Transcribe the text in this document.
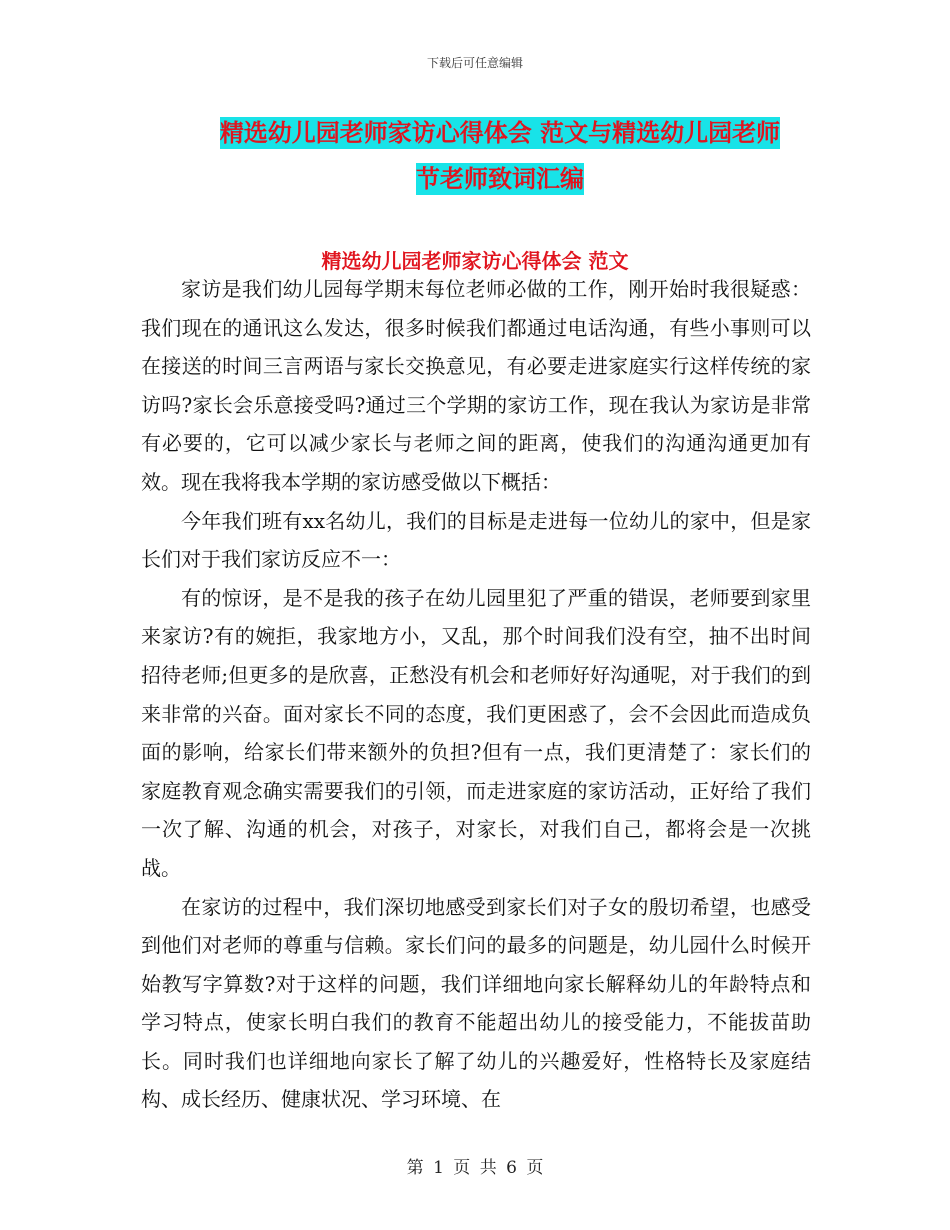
下载后可任意编辑
精选幼儿园老师家访心得体会 范文与精选幼儿园老师
节老师致词汇编
精选幼儿园老师家访心得体会 范文

家访是我们幼儿园每学期末每位老师必做的工作，刚开始时我很疑惑：我们现在的通讯这么发达，很多时候我们都通过电话沟通，有些小事则可以在接送的时间三言两语与家长交换意见，有必要走进家庭实行这样传统的家访吗?家长会乐意接受吗?通过三个学期的家访工作，现在我认为家访是非常有必要的，它可以减少家长与老师之间的距离，使我们的沟通沟通更加有效。现在我将我本学期的家访感受做以下概括：

今年我们班有xx名幼儿，我们的目标是走进每一位幼儿的家中，但是家长们对于我们家访反应不一：

有的惊讶，是不是我的孩子在幼儿园里犯了严重的错误，老师要到家里来家访?有的婉拒，我家地方小，又乱，那个时间我们没有空，抽不出时间招待老师;但更多的是欣喜，正愁没有机会和老师好好沟通呢，对于我们的到来非常的兴奋。面对家长不同的态度，我们更困惑了，会不会因此而造成负面的影响，给家长们带来额外的负担?但有一点，我们更清楚了：家长们的家庭教育观念确实需要我们的引领，而走进家庭的家访活动，正好给了我们一次了解、沟通的机会，对孩子，对家长，对我们自己，都将会是一次挑战。

在家访的过程中，我们深切地感受到家长们对子女的殷切希望，也感受到他们对老师的尊重与信赖。家长们问的最多的问题是，幼儿园什么时候开始教写字算数?对于这样的问题，我们详细地向家长解释幼儿的年龄特点和学习特点，使家长明白我们的教育不能超出幼儿的接受能力，不能拔苗助长。同时我们也详细地向家长了解了幼儿的兴趣爱好，性格特长及家庭结构、成长经历、健康状况、学习环境、在

第 1 页 共 6 页
